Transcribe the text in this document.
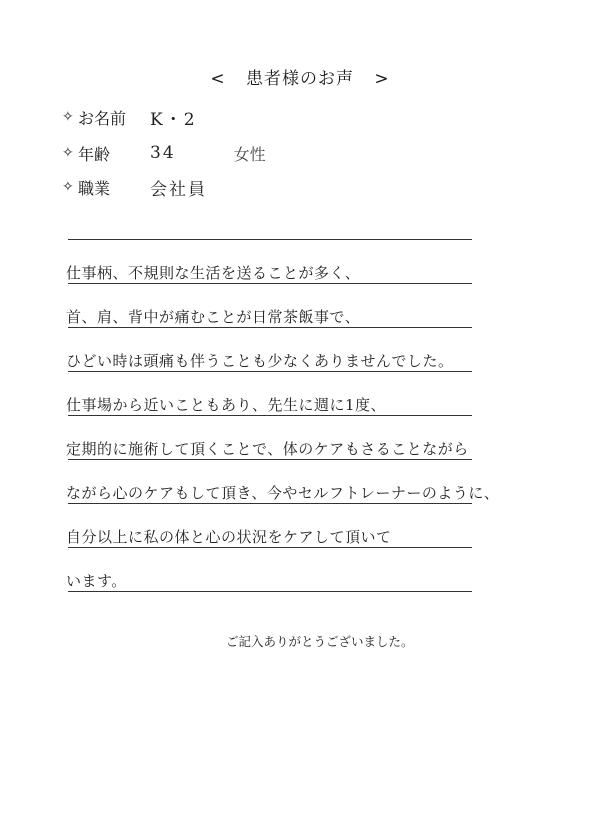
< 患者様のお声 >
✧ お名前	K・2
✧ 年齢	34	女性
✧ 職業	会社員
仕事柄、不規則な生活を送ることが多く、
首、肩、背中が痛むことが日常茶飯事で、
ひどい時は頭痛も伴うことも少なくありませんでした。
仕事場から近いこともあり、先生に週に1度、
定期的に施術して頂くことで、体のケアもさることながら
ながら心のケアもして頂き、今やセルフトレーナーのように、
自分以上に私の体と心の状況をケアして頂いて
います。
ご記入ありがとうございました。
